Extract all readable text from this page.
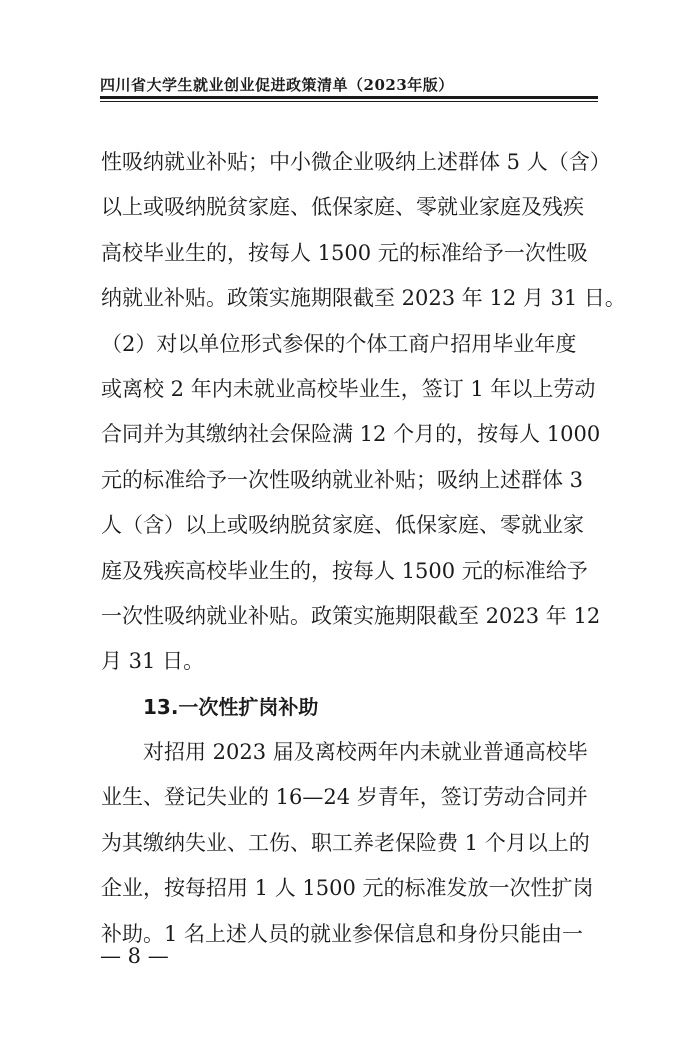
四川省大学生就业创业促进政策清单（2023年版）
性吸纳就业补贴；中小微企业吸纳上述群体 5 人（含）
以上或吸纳脱贫家庭、低保家庭、零就业家庭及残疾
高校毕业生的，按每人 1500 元的标准给予一次性吸
纳就业补贴。政策实施期限截至 2023 年 12 月 31 日。
（2）对以单位形式参保的个体工商户招用毕业年度
或离校 2 年内未就业高校毕业生，签订 1 年以上劳动
合同并为其缴纳社会保险满 12 个月的，按每人 1000
元的标准给予一次性吸纳就业补贴；吸纳上述群体 3
人（含）以上或吸纳脱贫家庭、低保家庭、零就业家
庭及残疾高校毕业生的，按每人 1500 元的标准给予
一次性吸纳就业补贴。政策实施期限截至 2023 年 12
月 31 日。
13.一次性扩岗补助
对招用 2023 届及离校两年内未就业普通高校毕
业生、登记失业的 16—24 岁青年，签订劳动合同并
为其缴纳失业、工伤、职工养老保险费 1 个月以上的
企业，按每招用 1 人 1500 元的标准发放一次性扩岗
补助。1 名上述人员的就业参保信息和身份只能由一
— 8 —
